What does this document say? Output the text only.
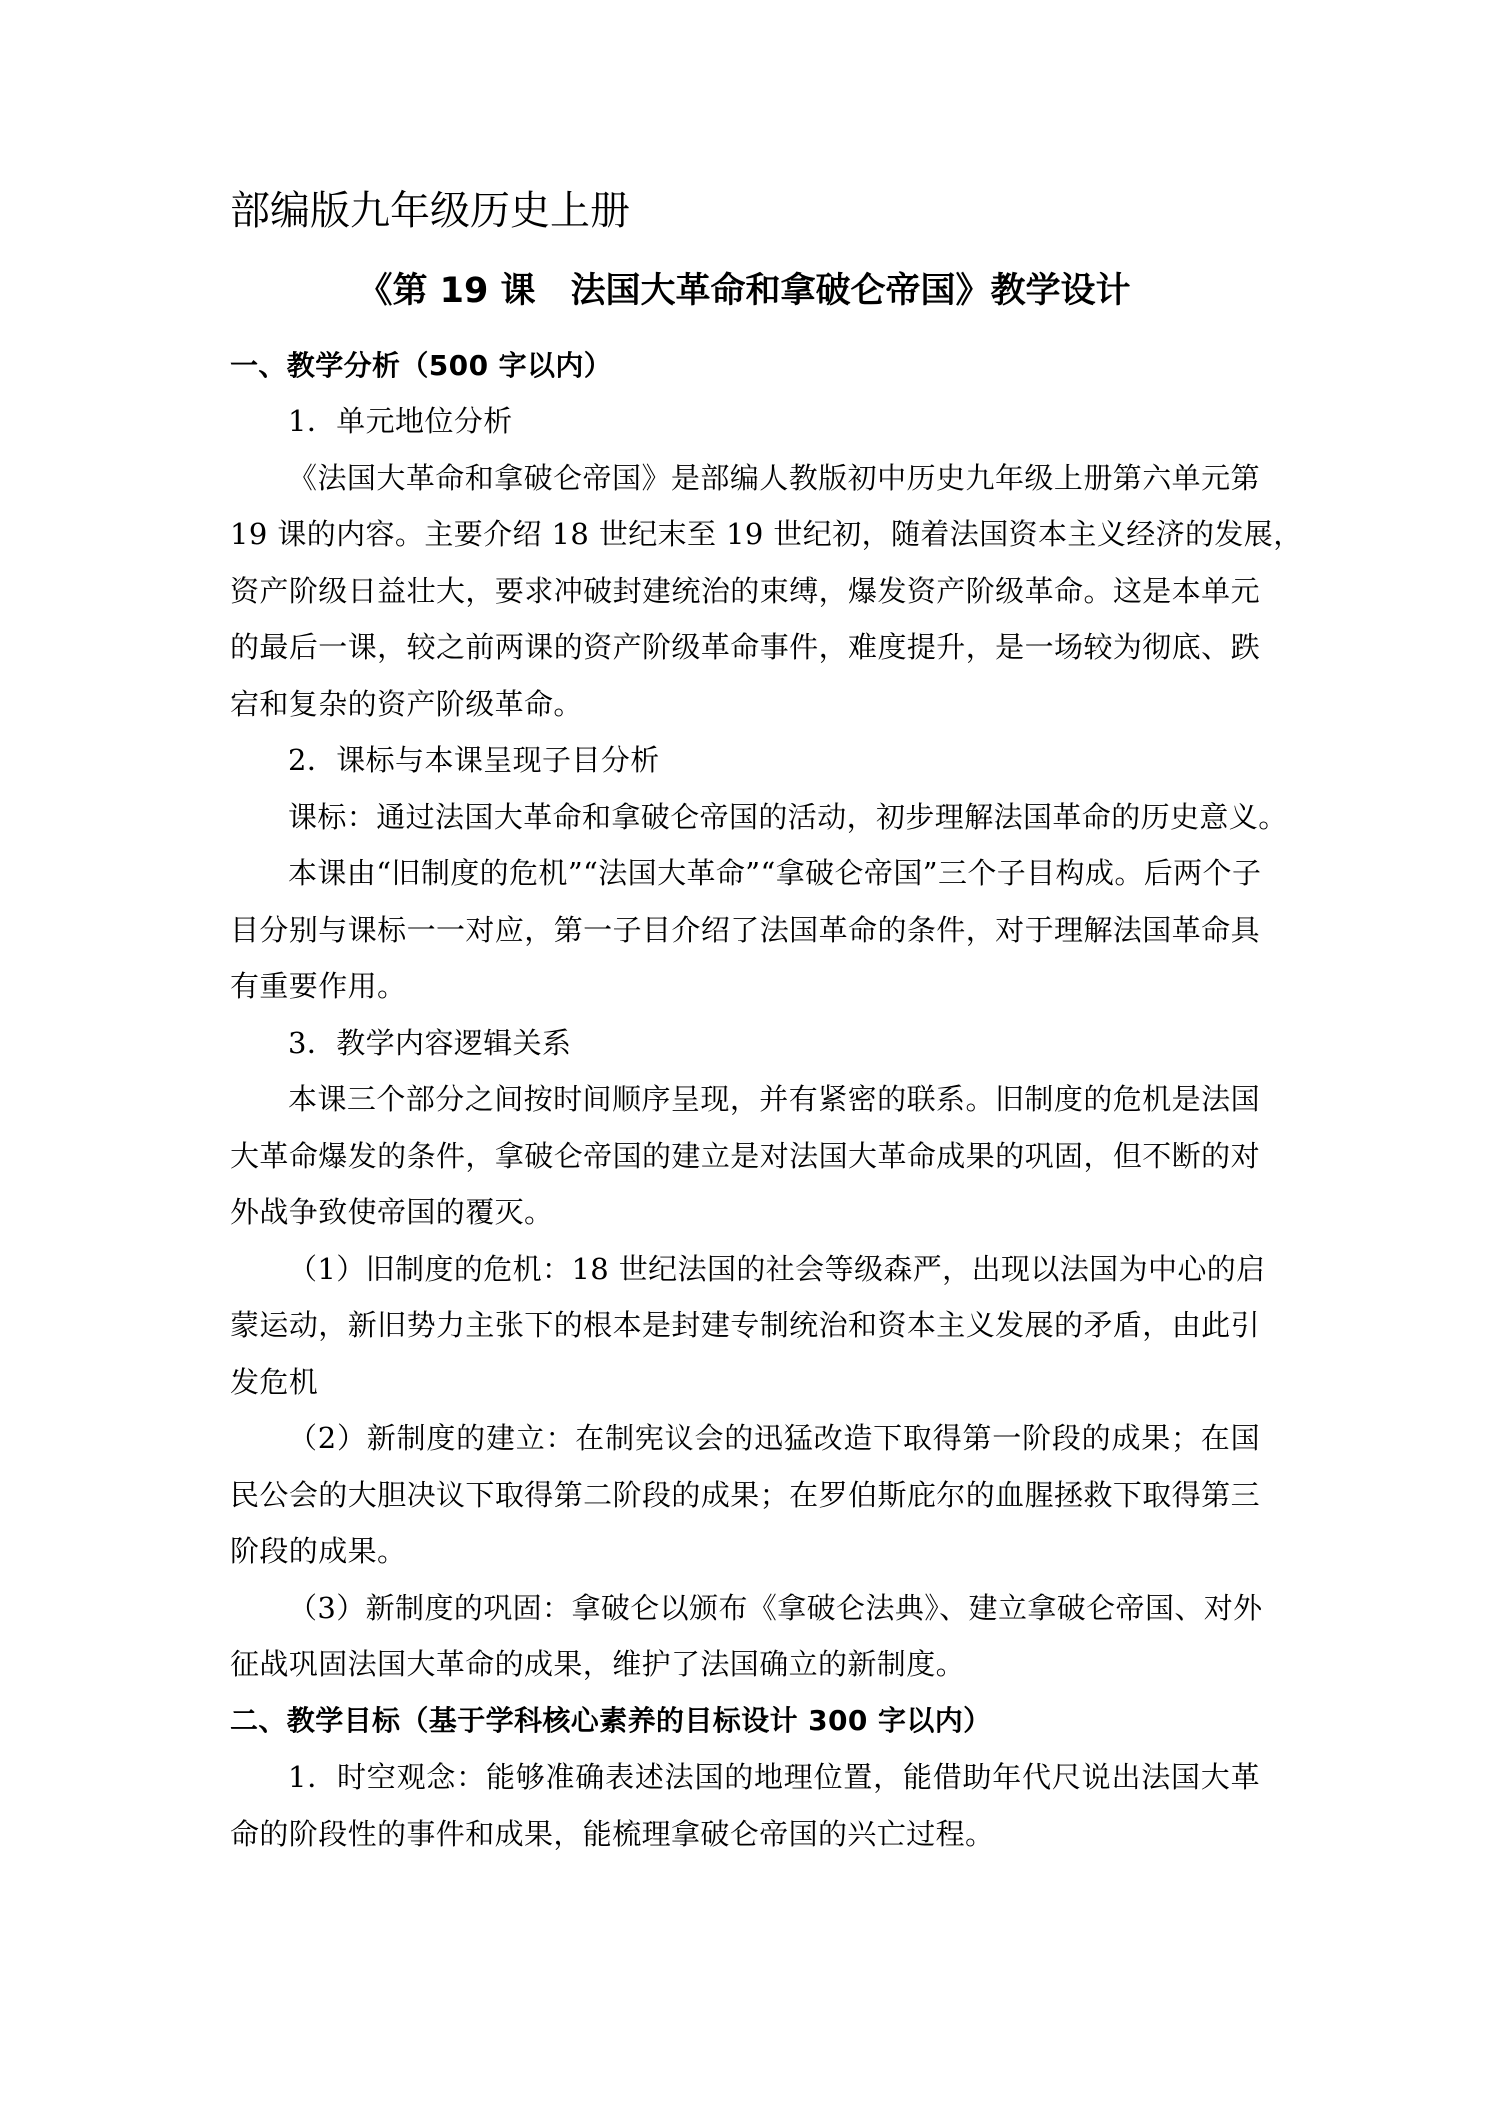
部编版九年级历史上册
《第 19 课　法国大革命和拿破仑帝国》教学设计
一、教学分析（500 字以内）
1．单元地位分析
《法国大革命和拿破仑帝国》是部编人教版初中历史九年级上册第六单元第
19 课的内容。主要介绍 18 世纪末至 19 世纪初，随着法国资本主义经济的发展，
资产阶级日益壮大，要求冲破封建统治的束缚，爆发资产阶级革命。这是本单元
的最后一课，较之前两课的资产阶级革命事件，难度提升，是一场较为彻底、跌
宕和复杂的资产阶级革命。
2．课标与本课呈现子目分析
课标：通过法国大革命和拿破仑帝国的活动，初步理解法国革命的历史意义。
本课由“旧制度的危机”“法国大革命”“拿破仑帝国”三个子目构成。后两个子
目分别与课标一一对应，第一子目介绍了法国革命的条件，对于理解法国革命具
有重要作用。
3．教学内容逻辑关系
本课三个部分之间按时间顺序呈现，并有紧密的联系。旧制度的危机是法国
大革命爆发的条件，拿破仑帝国的建立是对法国大革命成果的巩固，但不断的对
外战争致使帝国的覆灭。
（1）旧制度的危机：18 世纪法国的社会等级森严，出现以法国为中心的启
蒙运动，新旧势力主张下的根本是封建专制统治和资本主义发展的矛盾，由此引
发危机
（2）新制度的建立：在制宪议会的迅猛改造下取得第一阶段的成果；在国
民公会的大胆决议下取得第二阶段的成果；在罗伯斯庇尔的血腥拯救下取得第三
阶段的成果。
（3）新制度的巩固：拿破仑以颁布《拿破仑法典》、建立拿破仑帝国、对外
征战巩固法国大革命的成果，维护了法国确立的新制度。
二、教学目标（基于学科核心素养的目标设计 300 字以内）
1．时空观念：能够准确表述法国的地理位置，能借助年代尺说出法国大革
命的阶段性的事件和成果，能梳理拿破仑帝国的兴亡过程。
